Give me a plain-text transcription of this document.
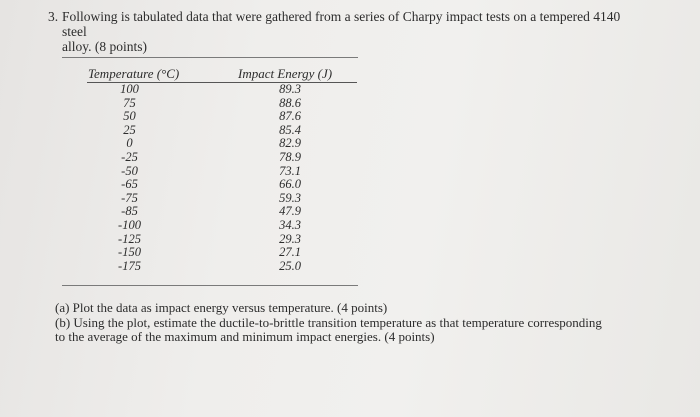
3. Following is tabulated data that were gathered from a series of Charpy impact tests on a tempered 4140 steel
alloy. (8 points)
Temperature (°C)	Impact Energy (J)
100	89.3
75	88.6
50	87.6
25	85.4
0	82.9
-25	78.9
-50	73.1
-65	66.0
-75	59.3
-85	47.9
-100	34.3
-125	29.3
-150	27.1
-175	25.0
(a) Plot the data as impact energy versus temperature. (4 points)
(b) Using the plot, estimate the ductile-to-brittle transition temperature as that temperature corresponding
to the average of the maximum and minimum impact energies. (4 points)
